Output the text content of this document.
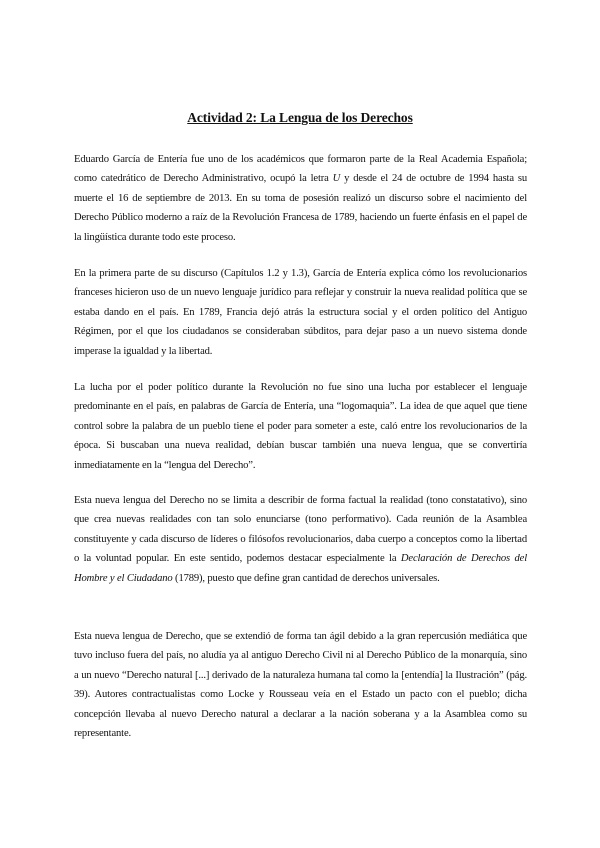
Actividad 2: La Lengua de los Derechos

Eduardo García de Entería fue uno de los académicos que formaron parte de la Real Academia Española; como catedrático de Derecho Administrativo, ocupó la letra U y desde el 24 de octubre de 1994 hasta su muerte el 16 de septiembre de 2013. En su toma de posesión realizó un discurso sobre el nacimiento del Derecho Público moderno a raíz de la Revolución Francesa de 1789, haciendo un fuerte énfasis en el papel de la lingüística durante todo este proceso.

En la primera parte de su discurso (Capítulos 1.2 y 1.3), García de Entería explica cómo los revolucionarios franceses hicieron uso de un nuevo lenguaje jurídico para reflejar y construir la nueva realidad política que se estaba dando en el país. En 1789, Francia dejó atrás la estructura social y el orden político del Antiguo Régimen, por el que los ciudadanos se consideraban súbditos, para dejar paso a un nuevo sistema donde imperase la igualdad y la libertad.

La lucha por el poder político durante la Revolución no fue sino una lucha por establecer el lenguaje predominante en el país, en palabras de García de Entería, una “logomaquia”. La idea de que aquel que tiene control sobre la palabra de un pueblo tiene el poder para someter a este, caló entre los revolucionarios de la época. Si buscaban una nueva realidad, debían buscar también una nueva lengua, que se convertiría inmediatamente en la “lengua del Derecho”.

Esta nueva lengua del Derecho no se limita a describir de forma factual la realidad (tono constatativo), sino que crea nuevas realidades con tan solo enunciarse (tono performativo). Cada reunión de la Asamblea constituyente y cada discurso de líderes o filósofos revolucionarios, daba cuerpo a conceptos como la libertad o la voluntad popular. En este sentido, podemos destacar especialmente la Declaración de Derechos del Hombre y el Ciudadano (1789), puesto que define gran cantidad de derechos universales.

Esta nueva lengua de Derecho, que se extendió de forma tan ágil debido a la gran repercusión mediática que tuvo incluso fuera del país, no aludía ya al antiguo Derecho Civil ni al Derecho Público de la monarquía, sino a un nuevo “Derecho natural [...] derivado de la naturaleza humana tal como la [entendía] la Ilustración” (pág. 39). Autores contractualistas como Locke y Rousseau veía en el Estado un pacto con el pueblo; dicha concepción llevaba al nuevo Derecho natural a declarar a la nación soberana y a la Asamblea como su representante.
